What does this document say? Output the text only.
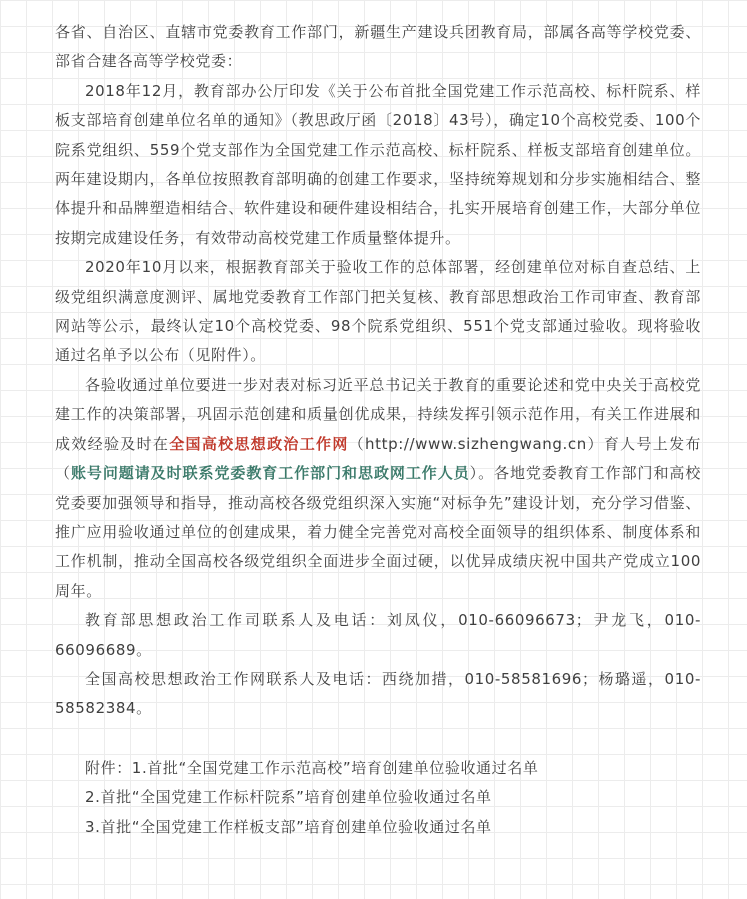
各省、自治区、直辖市党委教育工作部门，新疆生产建设兵团教育局，部属各高等学校党委、部省合建各高等学校党委：

2018年12月，教育部办公厅印发《关于公布首批全国党建工作示范高校、标杆院系、样板支部培育创建单位名单的通知》（教思政厅函〔2018〕43号），确定10个高校党委、100个院系党组织、559个党支部作为全国党建工作示范高校、标杆院系、样板支部培育创建单位。两年建设期内，各单位按照教育部明确的创建工作要求，坚持统筹规划和分步实施相结合、整体提升和品牌塑造相结合、软件建设和硬件建设相结合，扎实开展培育创建工作，大部分单位按期完成建设任务，有效带动高校党建工作质量整体提升。

2020年10月以来，根据教育部关于验收工作的总体部署，经创建单位对标自查总结、上级党组织满意度测评、属地党委教育工作部门把关复核、教育部思想政治工作司审查、教育部网站等公示，最终认定10个高校党委、98个院系党组织、551个党支部通过验收。现将验收通过名单予以公布（见附件）。

各验收通过单位要进一步对表对标习近平总书记关于教育的重要论述和党中央关于高校党建工作的决策部署，巩固示范创建和质量创优成果，持续发挥引领示范作用，有关工作进展和成效经验及时在全国高校思想政治工作网（http://www.sizhengwang.cn）育人号上发布（账号问题请及时联系党委教育工作部门和思政网工作人员）。各地党委教育工作部门和高校党委要加强领导和指导，推动高校各级党组织深入实施“对标争先”建设计划，充分学习借鉴、推广应用验收通过单位的创建成果，着力健全完善党对高校全面领导的组织体系、制度体系和工作机制，推动全国高校各级党组织全面进步全面过硬，以优异成绩庆祝中国共产党成立100周年。

教育部思想政治工作司联系人及电话：刘凤仪，010-66096673；尹龙飞，010-66096689。

全国高校思想政治工作网联系人及电话：西绕加措，010-58581696；杨璐遥，010-58582384。

附件：1.首批“全国党建工作示范高校”培育创建单位验收通过名单

2.首批“全国党建工作标杆院系”培育创建单位验收通过名单

3.首批“全国党建工作样板支部”培育创建单位验收通过名单
